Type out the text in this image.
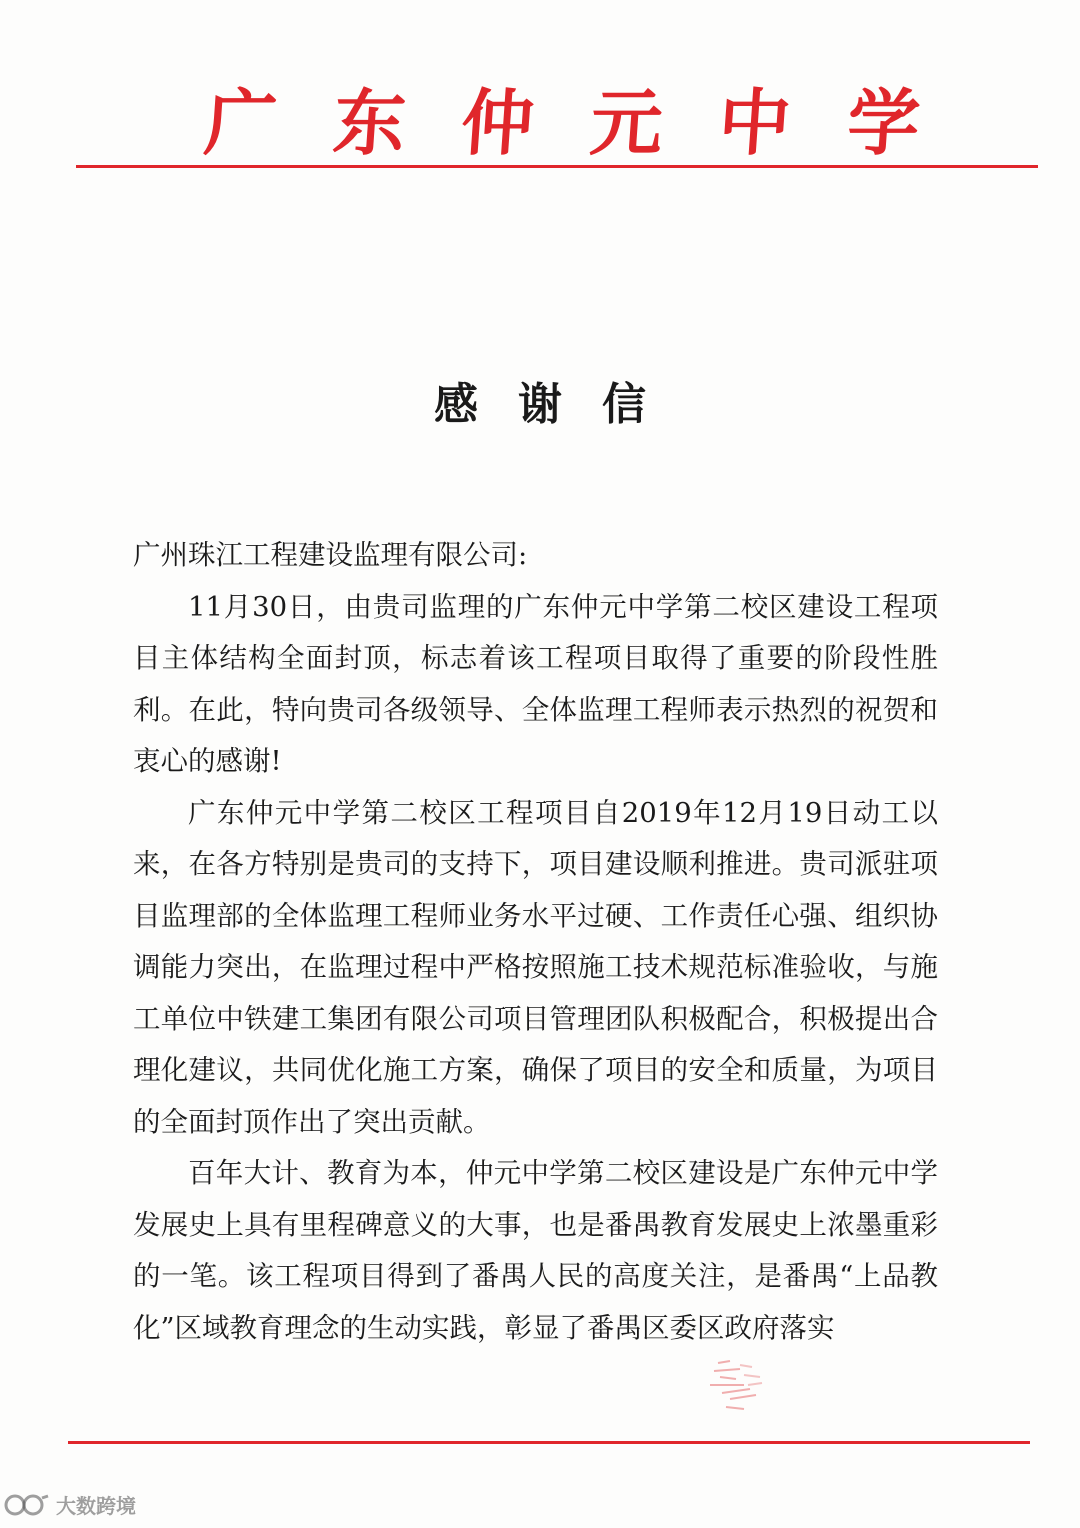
广 东 仲 元 中 学
感谢信

广州珠江工程建设监理有限公司:

11月30日，由贵司监理的广东仲元中学第二校区建设工程项目主体结构全面封顶，标志着该工程项目取得了重要的阶段性胜利。在此，特向贵司各级领导、全体监理工程师表示热烈的祝贺和衷心的感谢!

广东仲元中学第二校区工程项目自2019年12月19日动工以来，在各方特别是贵司的支持下，项目建设顺利推进。贵司派驻项目监理部的全体监理工程师业务水平过硬、工作责任心强、组织协调能力突出，在监理过程中严格按照施工技术规范标准验收，与施工单位中铁建工集团有限公司项目管理团队积极配合，积极提出合理化建议，共同优化施工方案，确保了项目的安全和质量，为项目的全面封顶作出了突出贡献。

百年大计、教育为本，仲元中学第二校区建设是广东仲元中学发展史上具有里程碑意义的大事，也是番禺教育发展史上浓墨重彩的一笔。该工程项目得到了番禺人民的高度关注，是番禺“上品教化”区域教育理念的生动实践，彰显了番禺区委区政府落实

大数跨境
